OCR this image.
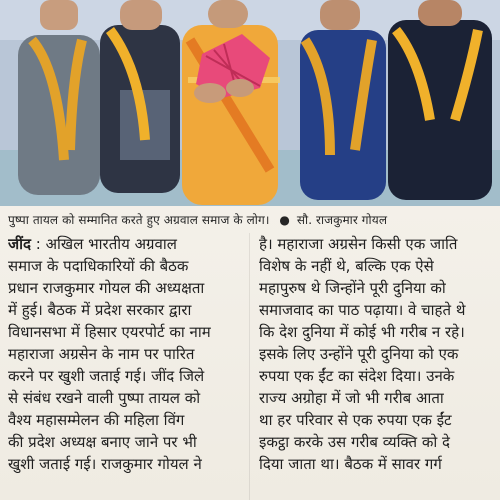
पुष्पा तायल को सम्मानित करते हुए अग्रवाल समाज के लोग। ● सौ. राजकुमार गोयल
जींद : अखिल भारतीय अग्रवाल
समाज के पदाधिकारियों की बैठक
प्रधान राजकुमार गोयल की अध्यक्षता
में हुई। बैठक में प्रदेश सरकार द्वारा
विधानसभा में हिसार एयरपोर्ट का नाम
महाराजा अग्रसेन के नाम पर पारित
करने पर खुशी जताई गई। जींद जिले
से संबंध रखने वाली पुष्पा तायल को
वैश्य महासम्मेलन की महिला विंग
की प्रदेश अध्यक्ष बनाए जाने पर भी
खुशी जताई गई। राजकुमार गोयल ने
है। महाराजा अग्रसेन किसी एक जाति
विशेष के नहीं थे, बल्कि एक ऐसे
महापुरुष थे जिन्होंने पूरी दुनिया को
समाजवाद का पाठ पढ़ाया। वे चाहते थे
कि देश दुनिया में कोई भी गरीब न रहे।
इसके लिए उन्होंने पूरी दुनिया को एक
रुपया एक ईंट का संदेश दिया। उनके
राज्य अग्रोहा में जो भी गरीब आता
था हर परिवार से एक रुपया एक ईंट
इकट्ठा करके उस गरीब व्यक्ति को दे
दिया जाता था। बैठक में सावर गर्ग
